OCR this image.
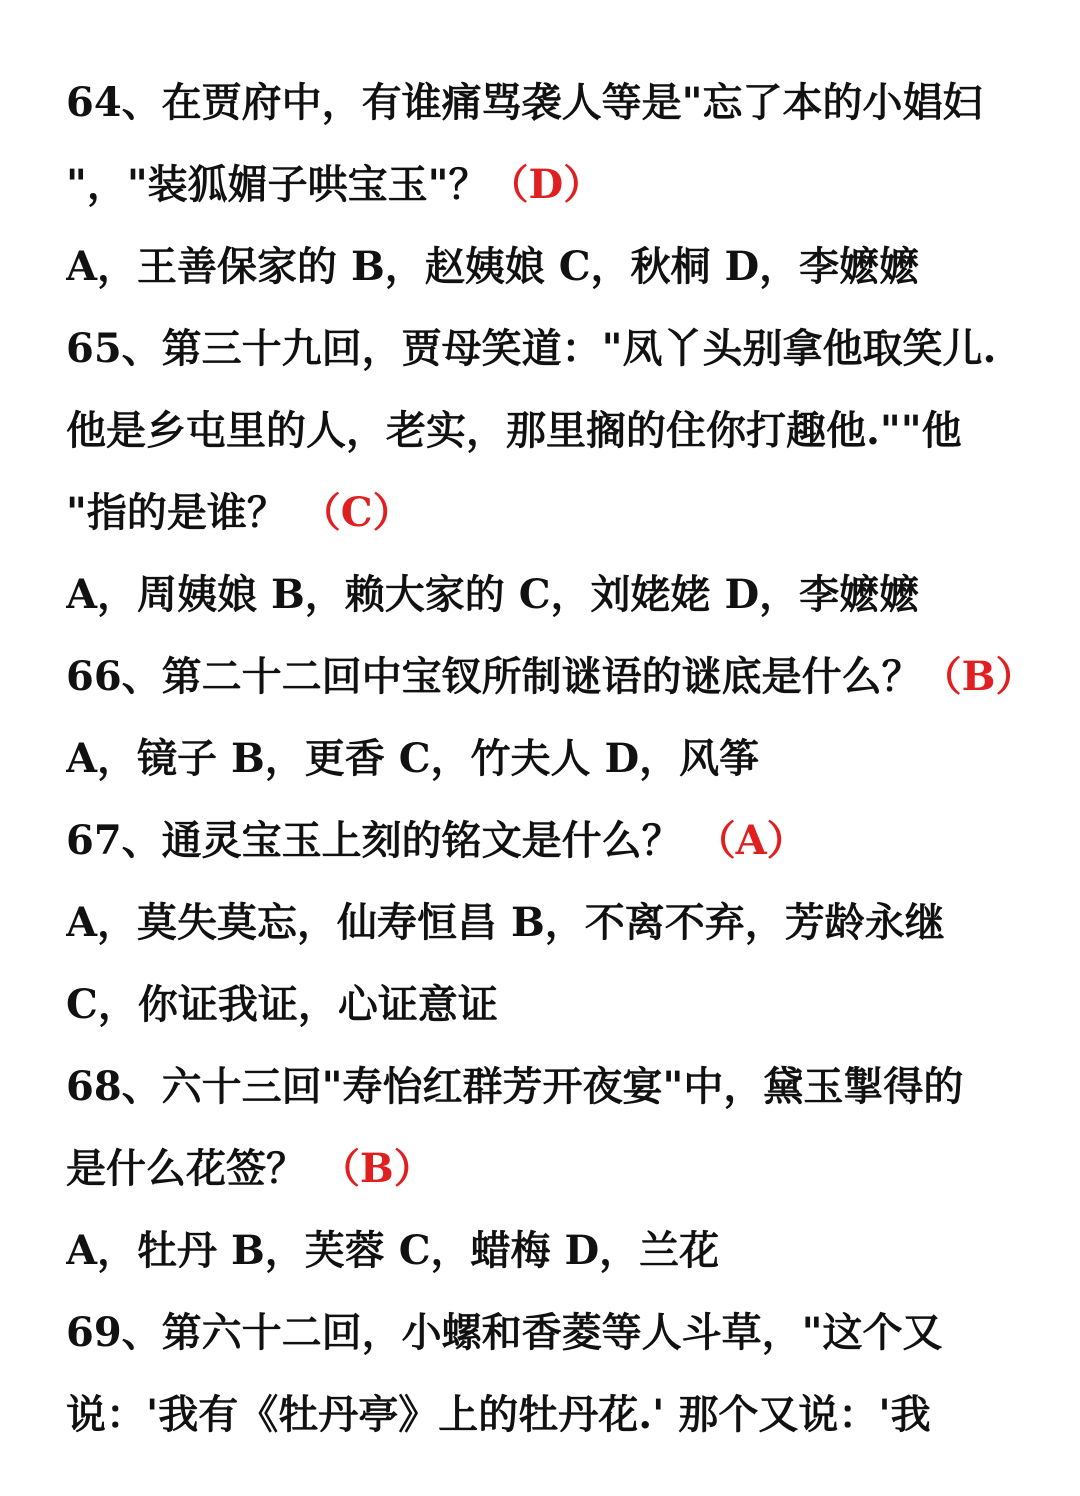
64、在贾府中，有谁痛骂袭人等是"忘了本的小娼妇
"，"装狐媚子哄宝玉"？（D）
A，王善保家的 B，赵姨娘 C，秋桐 D，李嬷嬷
65、第三十九回，贾母笑道："凤丫头别拿他取笑儿.
他是乡屯里的人，老实，那里搁的住你打趣他.""他
"指的是谁？ （C）
A，周姨娘 B，赖大家的 C，刘姥姥 D，李嬷嬷
66、第二十二回中宝钗所制谜语的谜底是什么？（B）
A，镜子 B，更香 C，竹夫人 D，风筝
67、通灵宝玉上刻的铭文是什么？ （A）
A，莫失莫忘，仙寿恒昌 B，不离不弃，芳龄永继
C，你证我证，心证意证
68、六十三回"寿怡红群芳开夜宴"中，黛玉掣得的
是什么花签？ （B）
A，牡丹 B，芙蓉 C，蜡梅 D，兰花
69、第六十二回，小螺和香菱等人斗草，"这个又
说：'我有《牡丹亭》上的牡丹花.' 那个又说：'我
